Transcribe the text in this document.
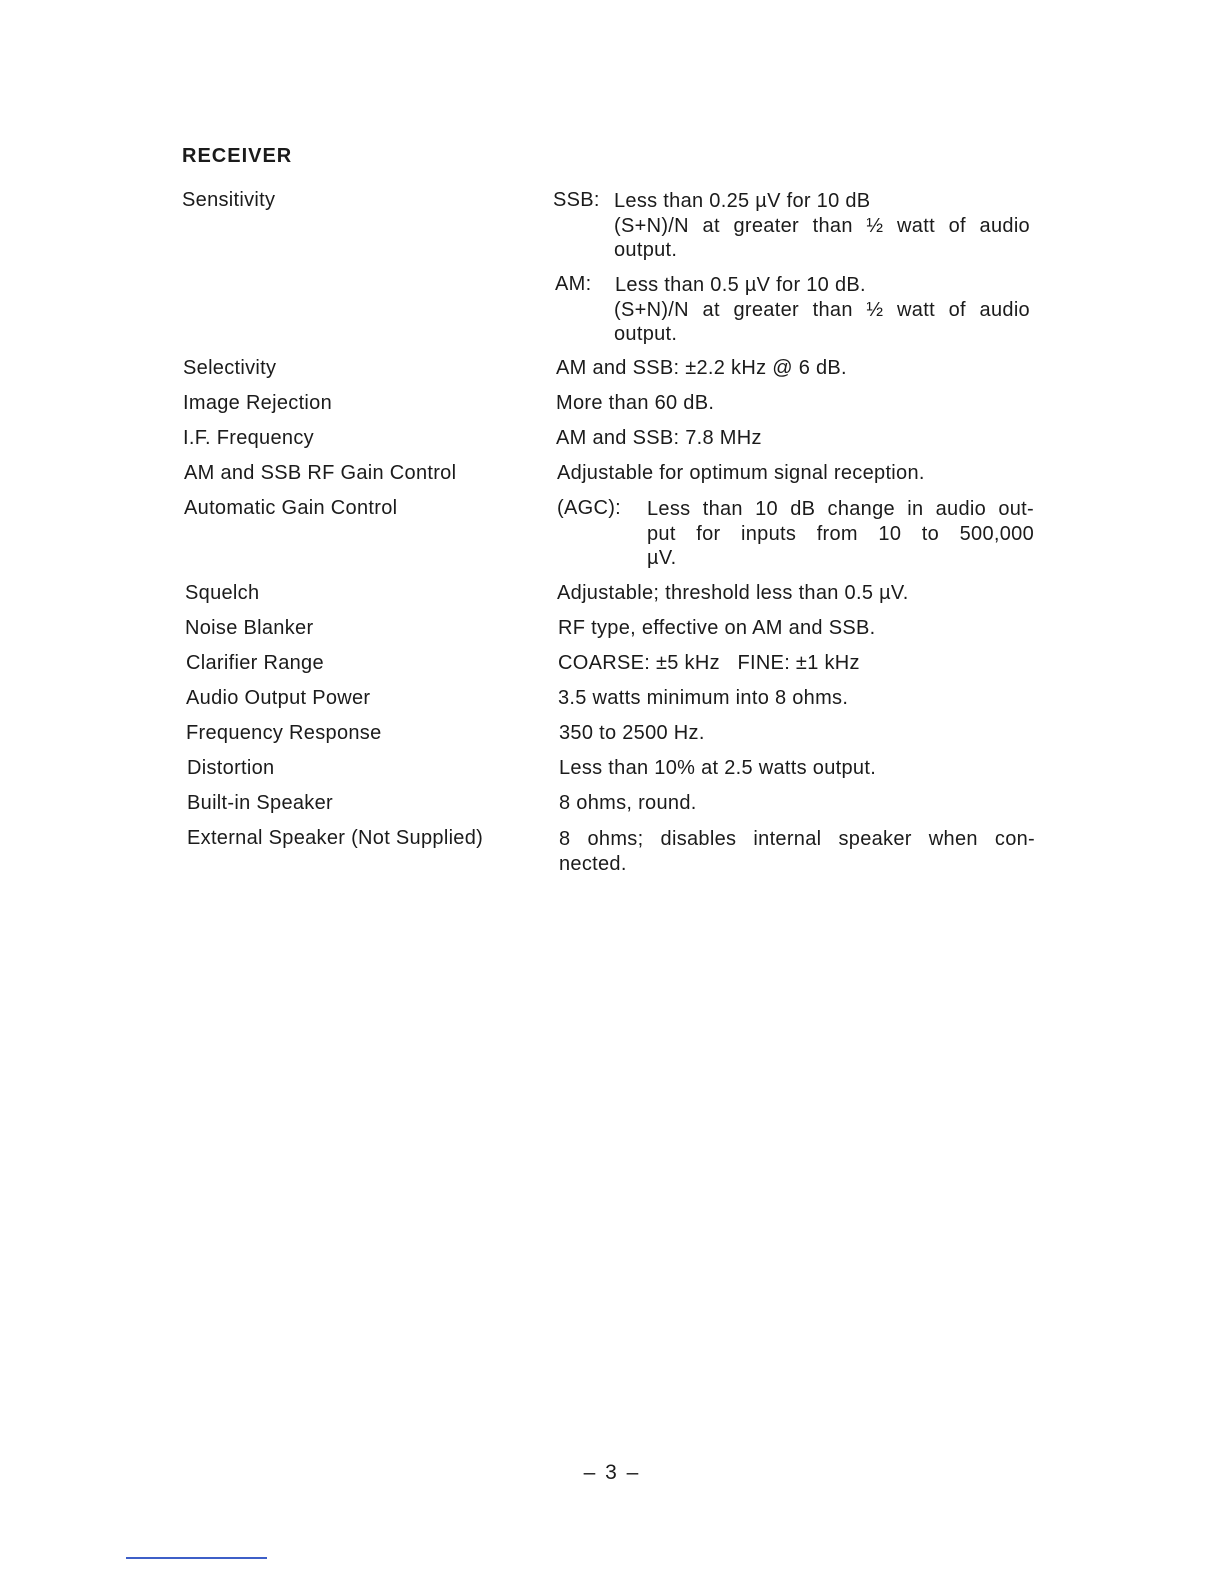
RECEIVER
Sensitivity	SSB: Less than 0.25 µV for 10 dB
(S+N)/N at greater than ½ watt of audio
output.
AM: Less than 0.5 µV for 10 dB.
(S+N)/N at greater than ½ watt of audio
output.
Selectivity	AM and SSB: ±2.2 kHz @ 6 dB.
Image Rejection	More than 60 dB.
I.F. Frequency	AM and SSB: 7.8 MHz
AM and SSB RF Gain Control	Adjustable for optimum signal reception.
Automatic Gain Control	(AGC): Less than 10 dB change in audio out-
put for inputs from 10 to 500,000
µV.
Squelch	Adjustable; threshold less than 0.5 µV.
Noise Blanker	RF type, effective on AM and SSB.
Clarifier Range	COARSE: ±5 kHz   FINE: ±1 kHz
Audio Output Power	3.5 watts minimum into 8 ohms.
Frequency Response	350 to 2500 Hz.
Distortion	Less than 10% at 2.5 watts output.
Built-in Speaker	8 ohms, round.
External Speaker (Not Supplied)	8 ohms; disables internal speaker when con-
nected.
– 3 –
